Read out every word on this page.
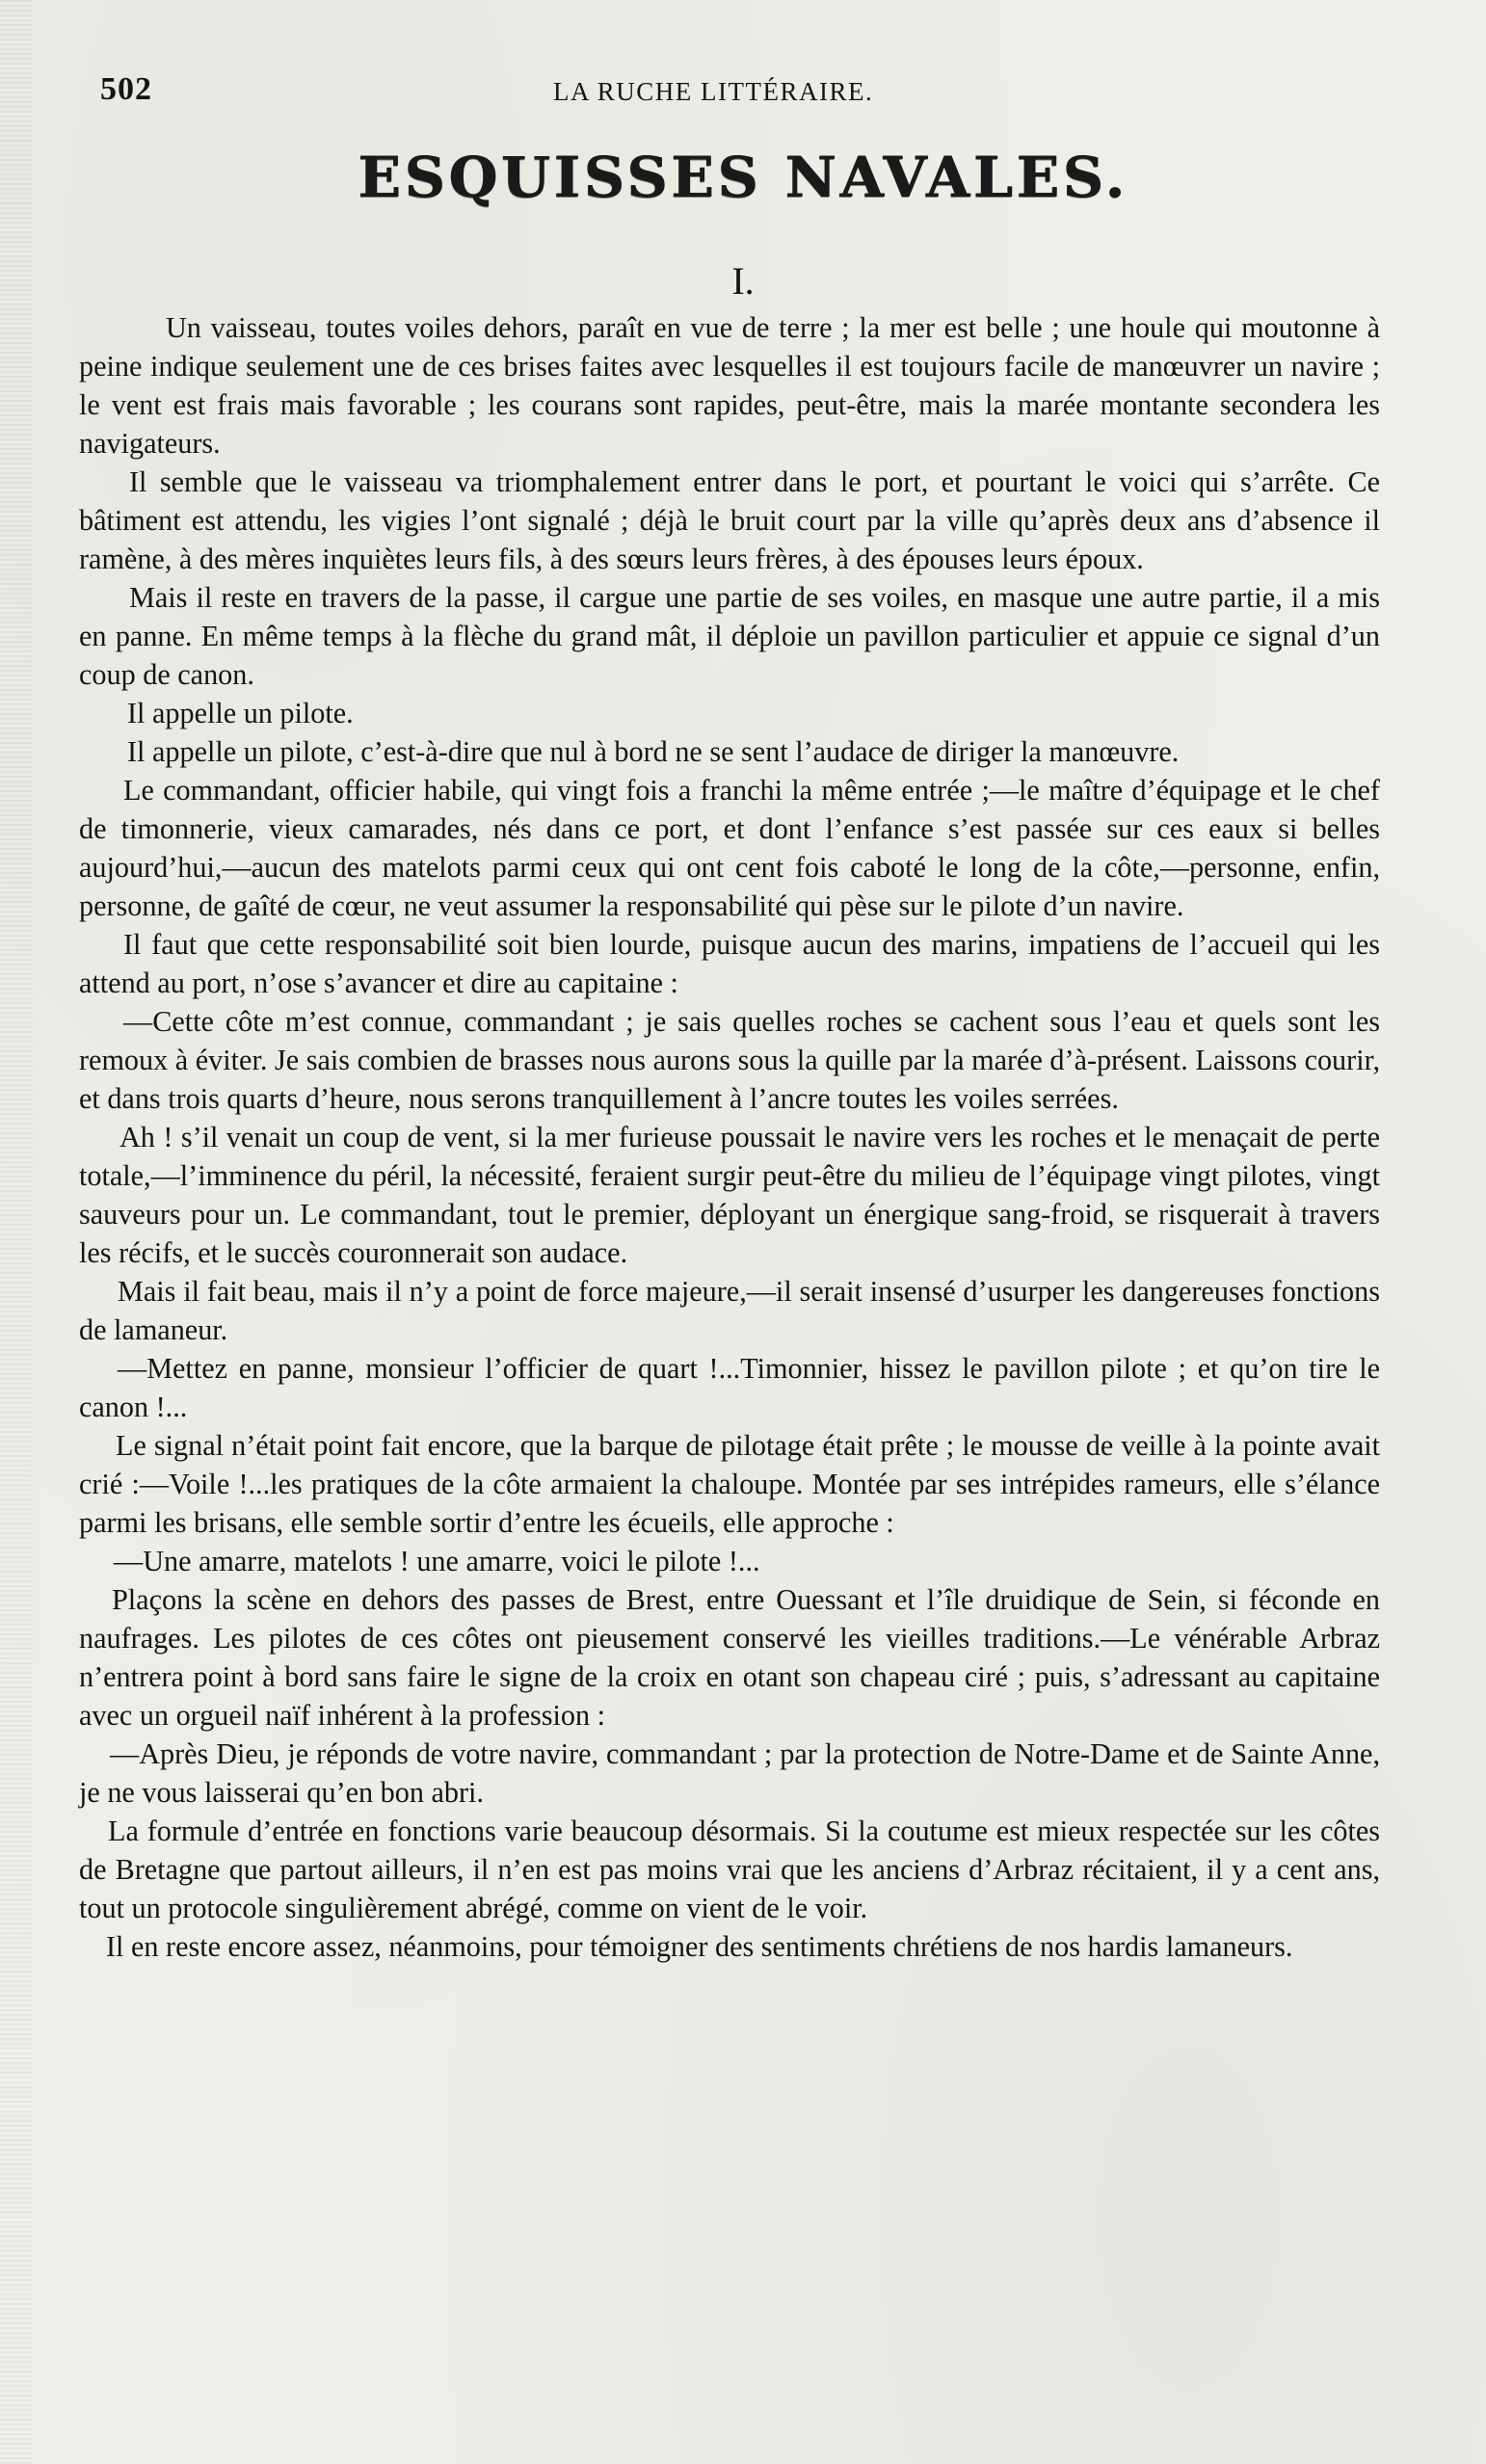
502	LA RUCHE LITTÉRAIRE.
ESQUISSES NAVALES.
I.

Un vaisseau, toutes voiles dehors, paraît en vue de terre ; la mer est belle ; une houle qui moutonne à peine indique seulement une de ces brises faites avec lesquelles il est toujours facile de manœuvrer un navire ; le vent est frais mais favorable ; les courans sont rapides, peut-être, mais la marée montante secondera les navigateurs.

Il semble que le vaisseau va triomphalement entrer dans le port, et pourtant le voici qui s’arrête. Ce bâtiment est attendu, les vigies l’ont signalé ; déjà le bruit court par la ville qu’après deux ans d’absence il ramène, à des mères inquiètes leurs fils, à des sœurs leurs frères, à des épouses leurs époux.

Mais il reste en travers de la passe, il cargue une partie de ses voiles, en masque une autre partie, il a mis en panne. En même temps à la flèche du grand mât, il déploie un pavillon particulier et appuie ce signal d’un coup de canon.

Il appelle un pilote.

Il appelle un pilote, c’est-à-dire que nul à bord ne se sent l’audace de diriger la manœuvre.

Le commandant, officier habile, qui vingt fois a franchi la même entrée ;—le maître d’équipage et le chef de timonnerie, vieux camarades, nés dans ce port, et dont l’enfance s’est passée sur ces eaux si belles aujourd’hui,—aucun des matelots parmi ceux qui ont cent fois caboté le long de la côte,—personne, enfin, personne, de gaîté de cœur, ne veut assumer la responsabilité qui pèse sur le pilote d’un navire.

Il faut que cette responsabilité soit bien lourde, puisque aucun des marins, impatiens de l’accueil qui les attend au port, n’ose s’avancer et dire au capitaine :

—Cette côte m’est connue, commandant ; je sais quelles roches se cachent sous l’eau et quels sont les remoux à éviter. Je sais combien de brasses nous aurons sous la quille par la marée d’à-présent. Laissons courir, et dans trois quarts d’heure, nous serons tranquillement à l’ancre toutes les voiles serrées.

Ah ! s’il venait un coup de vent, si la mer furieuse poussait le navire vers les roches et le menaçait de perte totale,—l’imminence du péril, la nécessité, feraient surgir peut-être du milieu de l’équipage vingt pilotes, vingt sauveurs pour un. Le commandant, tout le premier, déployant un énergique sang-froid, se risquerait à travers les récifs, et le succès couronnerait son audace.

Mais il fait beau, mais il n’y a point de force majeure,—il serait insensé d’usurper les dangereuses fonctions de lamaneur.

—Mettez en panne, monsieur l’officier de quart !...Timonnier, hissez le pavillon pilote ; et qu’on tire le canon !...

Le signal n’était point fait encore, que la barque de pilotage était prête ; le mousse de veille à la pointe avait crié :—Voile !...les pratiques de la côte armaient la chaloupe. Montée par ses intrépides rameurs, elle s’élance parmi les brisans, elle semble sortir d’entre les écueils, elle approche :

—Une amarre, matelots ! une amarre, voici le pilote !...

Plaçons la scène en dehors des passes de Brest, entre Ouessant et l’île druidique de Sein, si féconde en naufrages. Les pilotes de ces côtes ont pieusement conservé les vieilles traditions.—Le vénérable Arbraz n’entrera point à bord sans faire le signe de la croix en otant son chapeau ciré ; puis, s’adressant au capitaine avec un orgueil naïf inhérent à la profession :

—Après Dieu, je réponds de votre navire, commandant ; par la protection de Notre-Dame et de Sainte Anne, je ne vous laisserai qu’en bon abri.

La formule d’entrée en fonctions varie beaucoup désormais. Si la coutume est mieux respectée sur les côtes de Bretagne que partout ailleurs, il n’en est pas moins vrai que les anciens d’Arbraz récitaient, il y a cent ans, tout un protocole singulièrement abrégé, comme on vient de le voir.

Il en reste encore assez, néanmoins, pour témoigner des sentiments chrétiens de nos hardis lamaneurs.
